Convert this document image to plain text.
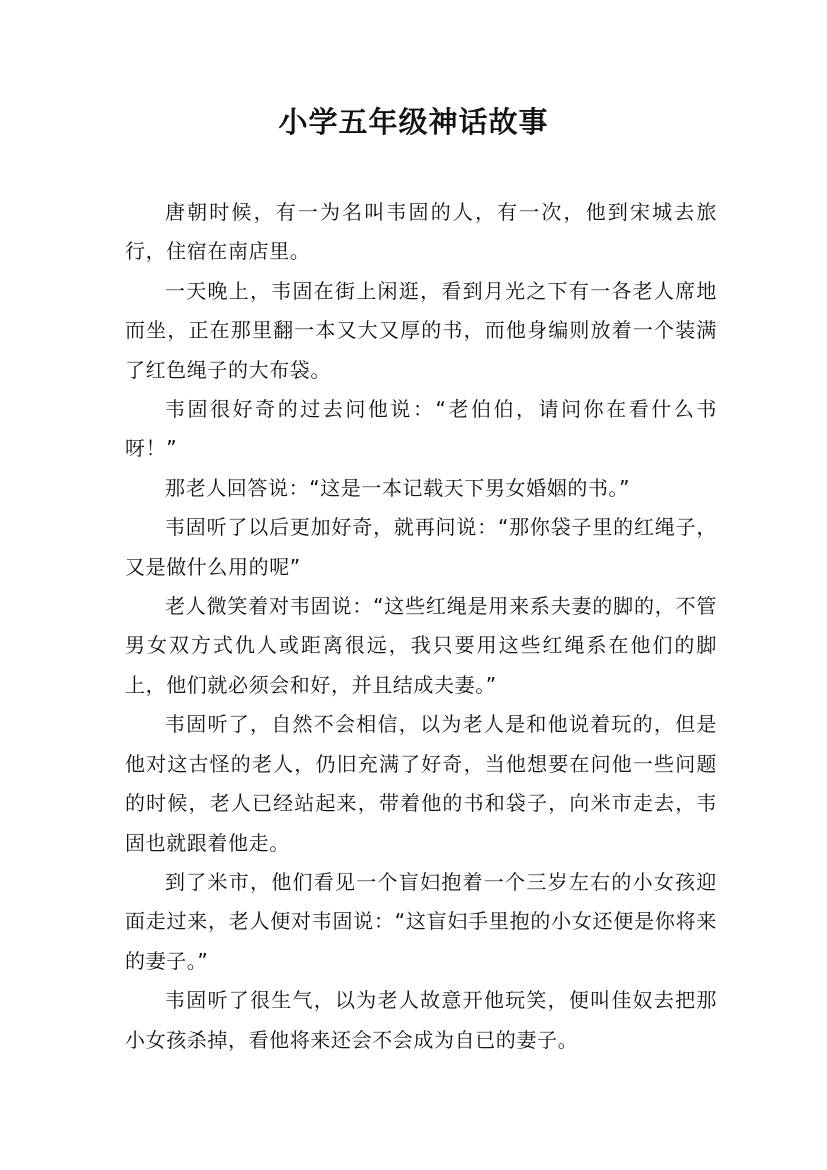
小学五年级神话故事

唐朝时候，有一为名叫韦固的人，有一次，他到宋城去旅行，住宿在南店里。

一天晚上，韦固在街上闲逛，看到月光之下有一各老人席地而坐，正在那里翻一本又大又厚的书，而他身编则放着一个装满了红色绳子的大布袋。

韦固很好奇的过去问他说：“老伯伯，请问你在看什么书呀！”

那老人回答说：“这是一本记载天下男女婚姻的书。”

韦固听了以后更加好奇，就再问说：“那你袋子里的红绳子，又是做什么用的呢”

老人微笑着对韦固说：“这些红绳是用来系夫妻的脚的，不管男女双方式仇人或距离很远，我只要用这些红绳系在他们的脚上，他们就必须会和好，并且结成夫妻。”

韦固听了，自然不会相信，以为老人是和他说着玩的，但是他对这古怪的老人，仍旧充满了好奇，当他想要在问他一些问题的时候，老人已经站起来，带着他的书和袋子，向米市走去，韦固也就跟着他走。

到了米市，他们看见一个盲妇抱着一个三岁左右的小女孩迎面走过来，老人便对韦固说：“这盲妇手里抱的小女还便是你将来的妻子。”

韦固听了很生气，以为老人故意开他玩笑，便叫佳奴去把那小女孩杀掉，看他将来还会不会成为自已的妻子。
